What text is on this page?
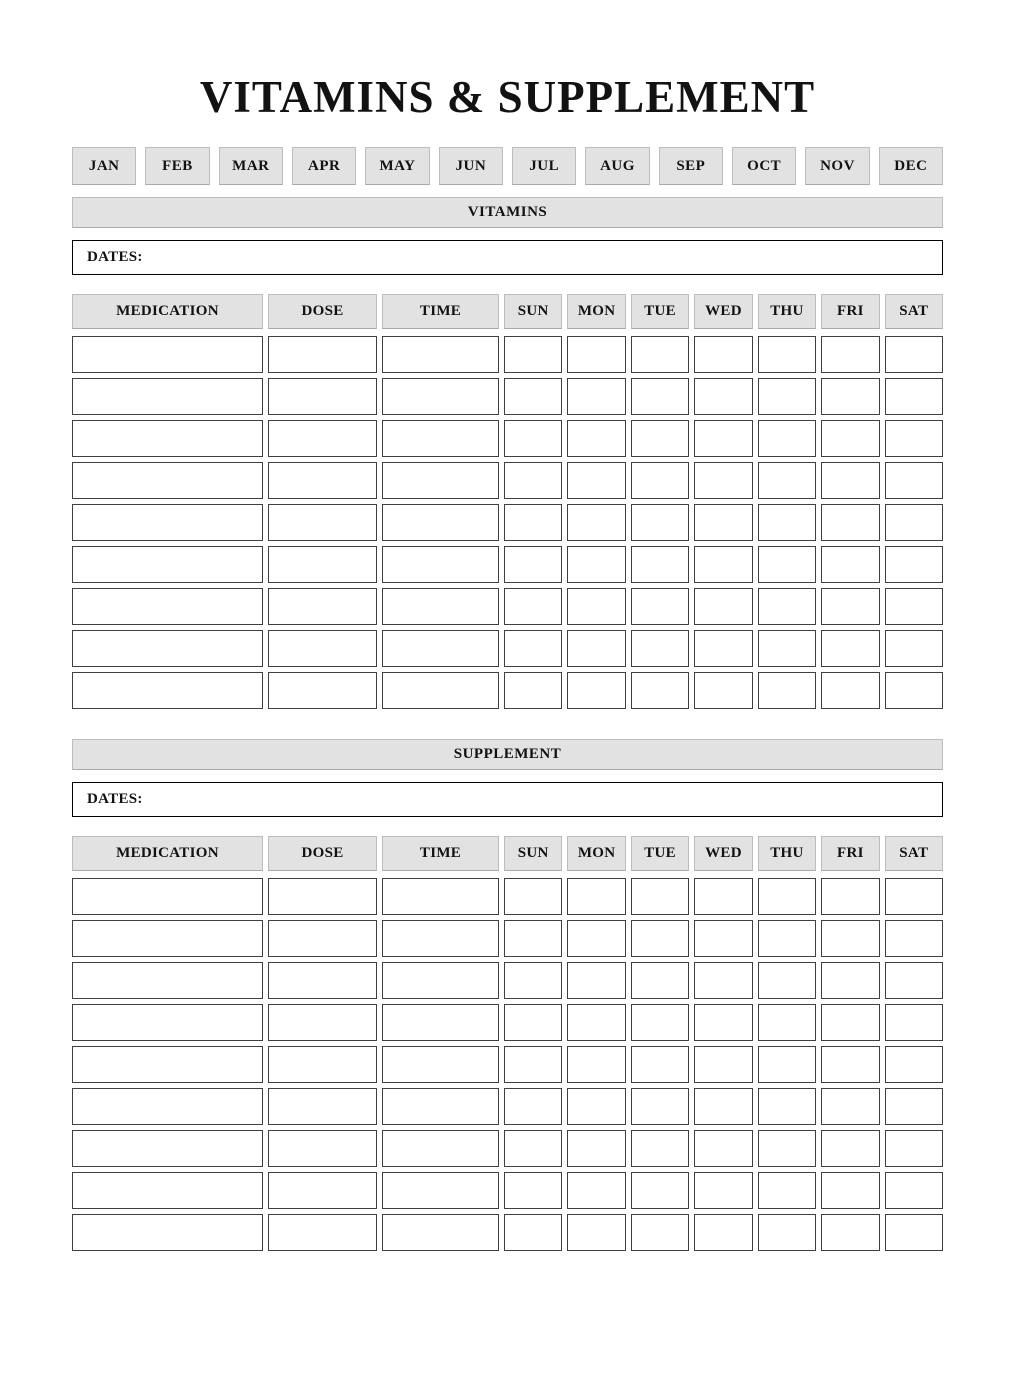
VITAMINS & SUPPLEMENT
JAN	FEB	MAR	APR	MAY	JUN	JUL	AUG	SEP	OCT	NOV	DEC
VITAMINS
DATES:
MEDICATION	DOSE	TIME	SUN	MON	TUE	WED	THU	FRI	SAT
SUPPLEMENT
DATES:
MEDICATION	DOSE	TIME	SUN	MON	TUE	WED	THU	FRI	SAT
